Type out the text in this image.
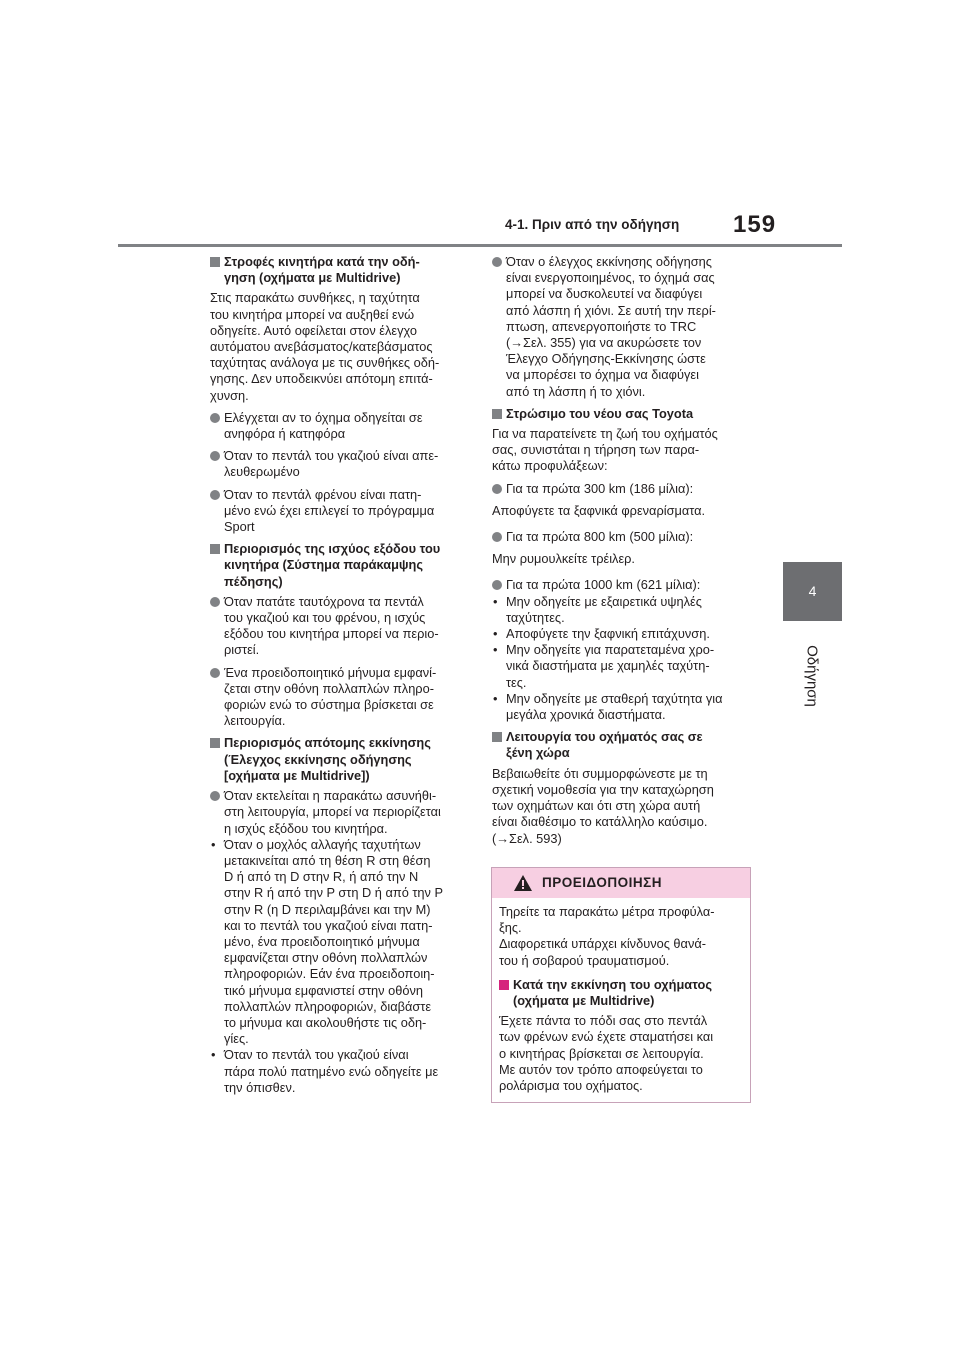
4-1. Πριν από την οδήγηση 159
4
Οδήγηση
Στροφές κινητήρα κατά την οδή-
γηση (οχήματα με Multidrive)
Στις παρακάτω συνθήκες, η ταχύτητα
του κινητήρα μπορεί να αυξηθεί ενώ
οδηγείτε. Αυτό οφείλεται στον έλεγχο
αυτόματου ανεβάσματος/κατεβάσματος
ταχύτητας ανάλογα με τις συνθήκες οδή-
γησης. Δεν υποδεικνύει απότομη επιτά-
χυνση.
Ελέγχεται αν το όχημα οδηγείται σε
ανηφόρα ή κατηφόρα
Όταν το πεντάλ του γκαζιού είναι απε-
λευθερωμένο
Όταν το πεντάλ φρένου είναι πατη-
μένο ενώ έχει επιλεγεί το πρόγραμμα
Sport
Περιορισμός της ισχύος εξόδου του
κινητήρα (Σύστημα παράκαμψης
πέδησης)
Όταν πατάτε ταυτόχρονα τα πεντάλ
του γκαζιού και του φρένου, η ισχύς
εξόδου του κινητήρα μπορεί να περιο-
ριστεί.
Ένα προειδοποιητικό μήνυμα εμφανί-
ζεται στην οθόνη πολλαπλών πληρο-
φοριών ενώ το σύστημα βρίσκεται σε
λειτουργία.
Περιορισμός απότομης εκκίνησης
(Έλεγχος εκκίνησης οδήγησης
[οχήματα με Multidrive])
Όταν εκτελείται η παρακάτω ασυνήθι-
στη λειτουργία, μπορεί να περιορίζεται
η ισχύς εξόδου του κινητήρα.
• Όταν ο μοχλός αλλαγής ταχυτήτων
μετακινείται από τη θέση R στη θέση
D ή από τη D στην R, ή από την N
στην R ή από την P στη D ή από την P
στην R (η D περιλαμβάνει και την M)
και το πεντάλ του γκαζιού είναι πατη-
μένο, ένα προειδοποιητικό μήνυμα
εμφανίζεται στην οθόνη πολλαπλών
πληροφοριών. Εάν ένα προειδοποιη-
τικό μήνυμα εμφανιστεί στην οθόνη
πολλαπλών πληροφοριών, διαβάστε
το μήνυμα και ακολουθήστε τις οδη-
γίες.
• Όταν το πεντάλ του γκαζιού είναι
πάρα πολύ πατημένο ενώ οδηγείτε με
την όπισθεν.
Όταν ο έλεγχος εκκίνησης οδήγησης
είναι ενεργοποιημένος, το όχημά σας
μπορεί να δυσκολευτεί να διαφύγει
από λάσπη ή χιόνι. Σε αυτή την περί-
πτωση, απενεργοποιήστε το TRC
(→Σελ. 355) για να ακυρώσετε τον
Έλεγχο Οδήγησης-Εκκίνησης ώστε
να μπορέσει το όχημα να διαφύγει
από τη λάσπη ή το χιόνι.
Στρώσιμο του νέου σας Toyota
Για να παρατείνετε τη ζωή του οχήματός
σας, συνιστάται η τήρηση των παρα-
κάτω προφυλάξεων:
Για τα πρώτα 300 km (186 μίλια):
Αποφύγετε τα ξαφνικά φρεναρίσματα.
Για τα πρώτα 800 km (500 μίλια):
Μην ρυμουλκείτε τρέιλερ.
Για τα πρώτα 1000 km (621 μίλια):
• Μην οδηγείτε με εξαιρετικά υψηλές
ταχύτητες.
• Αποφύγετε την ξαφνική επιτάχυνση.
• Μην οδηγείτε για παρατεταμένα χρο-
νικά διαστήματα με χαμηλές ταχύτη-
τες.
• Μην οδηγείτε με σταθερή ταχύτητα για
μεγάλα χρονικά διαστήματα.
Λειτουργία του οχήματός σας σε
ξένη χώρα
Βεβαιωθείτε ότι συμμορφώνεστε με τη
σχετική νομοθεσία για την καταχώρηση
των οχημάτων και ότι στη χώρα αυτή
είναι διαθέσιμο το κατάλληλο καύσιμο.
(→Σελ. 593)
ΠΡΟΕΙΔΟΠΟΙΗΣΗ
Τηρείτε τα παρακάτω μέτρα προφύλα-
ξης.
Διαφορετικά υπάρχει κίνδυνος θανά-
του ή σοβαρού τραυματισμού.
Κατά την εκκίνηση του οχήματος
(οχήματα με Multidrive)
Έχετε πάντα το πόδι σας στο πεντάλ
των φρένων ενώ έχετε σταματήσει και
ο κινητήρας βρίσκεται σε λειτουργία.
Με αυτόν τον τρόπο αποφεύγεται το
ρολάρισμα του οχήματος.
